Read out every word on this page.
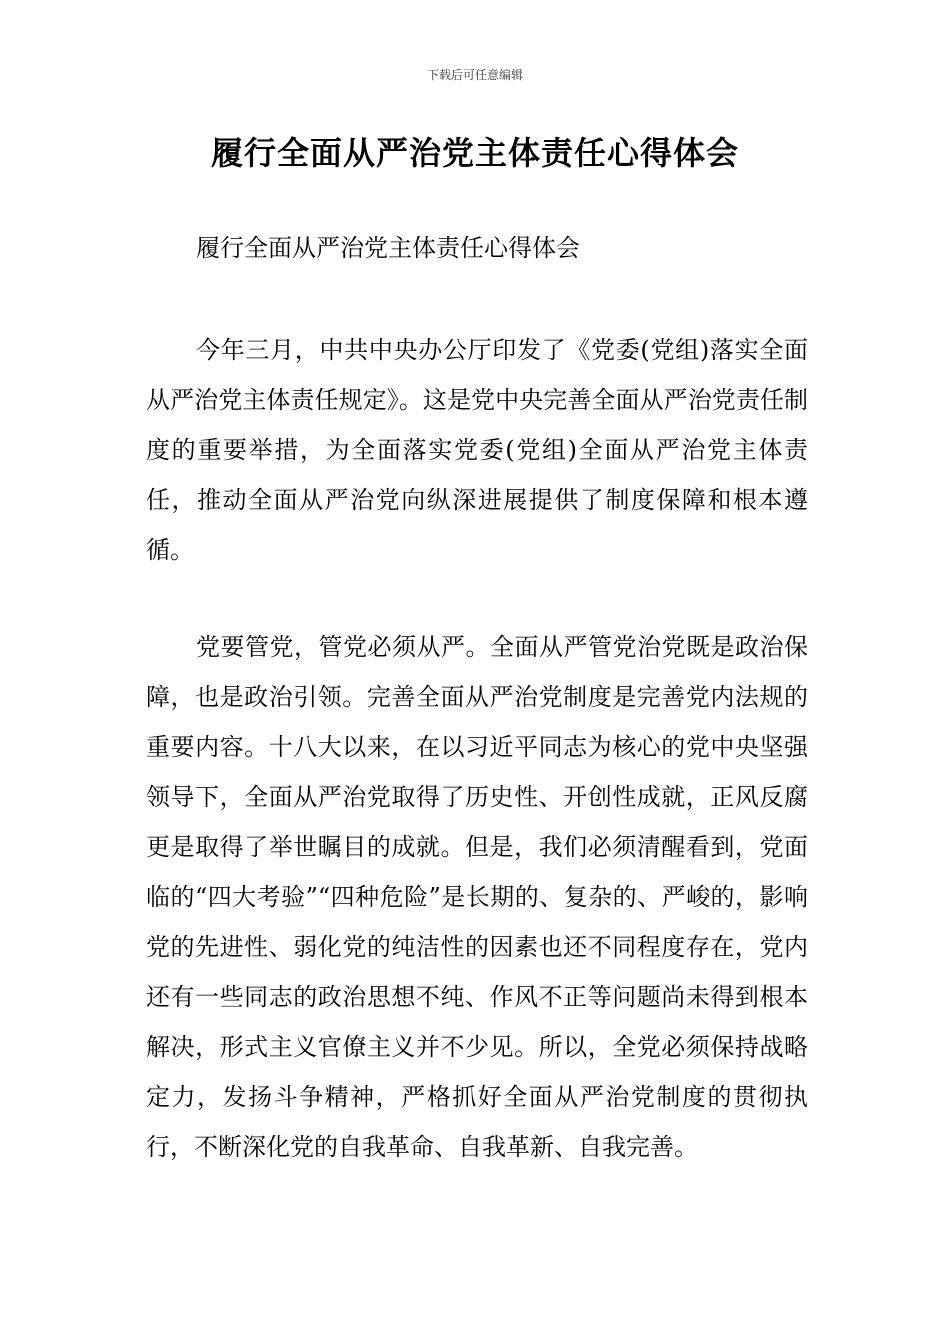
下载后可任意编辑
履行全面从严治党主体责任心得体会
履行全面从严治党主体责任心得体会

今年三月，中共中央办公厅印发了《党委(党组)落实全面从严治党主体责任规定》。这是党中央完善全面从严治党责任制度的重要举措，为全面落实党委(党组)全面从严治党主体责任，推动全面从严治党向纵深进展提供了制度保障和根本遵循。

党要管党，管党必须从严。全面从严管党治党既是政治保障，也是政治引领。完善全面从严治党制度是完善党内法规的重要内容。十八大以来，在以习近平同志为核心的党中央坚强领导下，全面从严治党取得了历史性、开创性成就，正风反腐更是取得了举世瞩目的成就。但是，我们必须清醒看到，党面临的“四大考验”“四种危险”是长期的、复杂的、严峻的，影响党的先进性、弱化党的纯洁性的因素也还不同程度存在，党内还有一些同志的政治思想不纯、作风不正等问题尚未得到根本解决，形式主义官僚主义并不少见。所以，全党必须保持战略定力，发扬斗争精神，严格抓好全面从严治党制度的贯彻执行，不断深化党的自我革命、自我革新、自我完善。
